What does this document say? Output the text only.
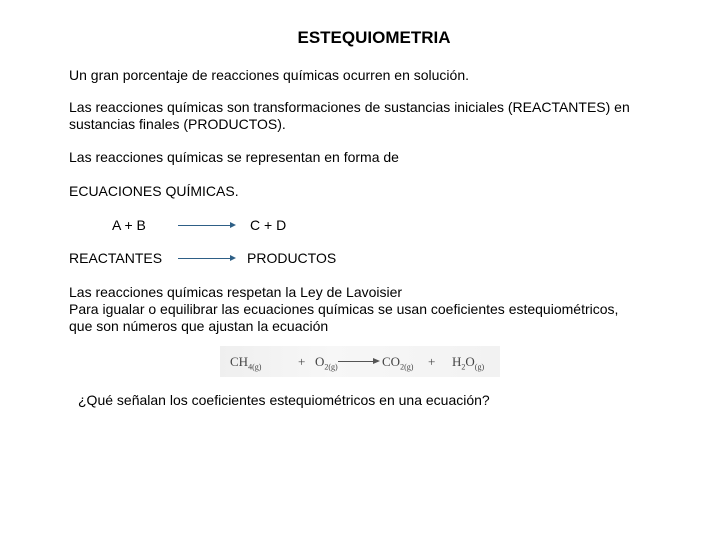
ESTEQUIOMETRIA
Un gran porcentaje de reacciones químicas ocurren en solución.
Las reacciones químicas son transformaciones de sustancias iniciales (REACTANTES) en sustancias finales (PRODUCTOS).
Las reacciones químicas se representan en forma de
ECUACIONES QUÍMICAS.
A + B → C + D
REACTANTES → PRODUCTOS
Las reacciones químicas respetan la Ley de Lavoisier
Para igualar o equilibrar las ecuaciones químicas se usan coeficientes estequiométricos,
que son números que ajustan la ecuación
$CH_{4(g)}$	+ $O_{2(g)}$	$CO_{2(g)} + H_2O_{(g)}$
¿Qué señalan los coeficientes estequiométricos en una ecuación?
